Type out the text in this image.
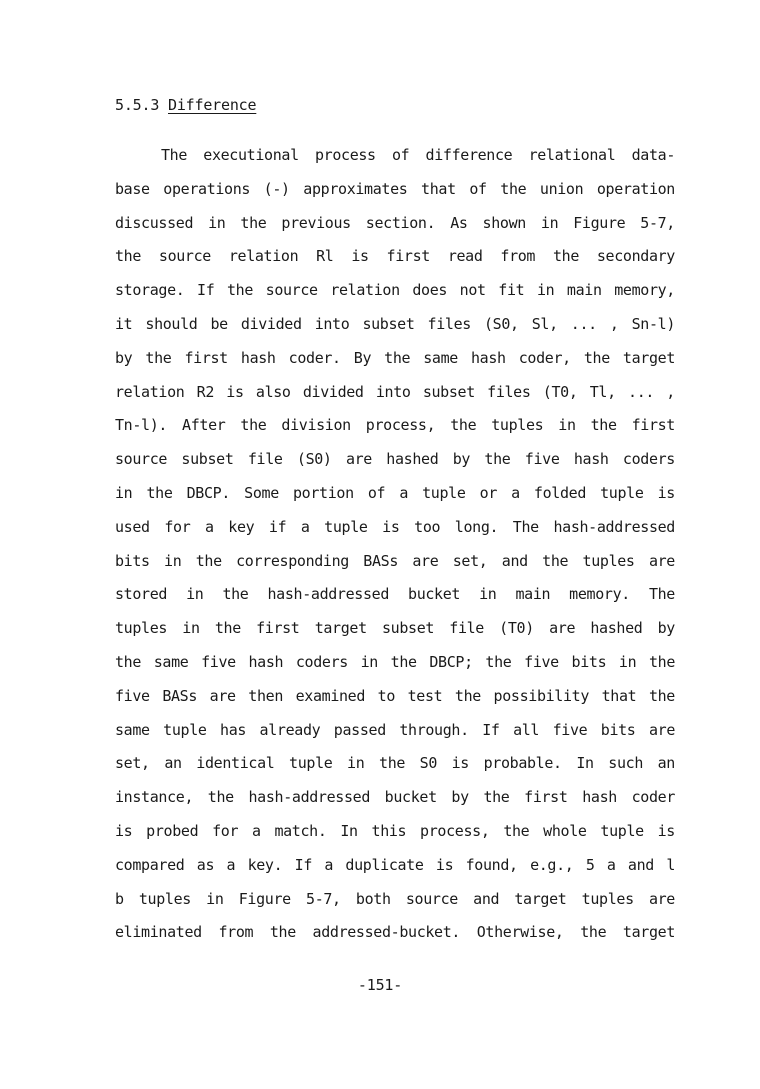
5.5.3 Difference
The executional process of difference relational data-
base operations (-) approximates that of the union operation
discussed in the previous section. As shown in Figure 5-7,
the source relation Rl is first read from the secondary
storage. If the source relation does not fit in main memory,
it should be divided into subset files (S0, Sl, ... , Sn-l)
by the first hash coder. By the same hash coder, the target
relation R2 is also divided into subset files (T0, Tl, ... ,
Tn-l). After the division process, the tuples in the first
source subset file (S0) are hashed by the five hash coders
in the DBCP. Some portion of a tuple or a folded tuple is
used for a key if a tuple is too long. The hash-addressed
bits in the corresponding BASs are set, and the tuples are
stored in the hash-addressed bucket in main memory. The
tuples in the first target subset file (T0) are hashed by
the same five hash coders in the DBCP; the five bits in the
five BASs are then examined to test the possibility that the
same tuple has already passed through. If all five bits are
set, an identical tuple in the S0 is probable. In such an
instance, the hash-addressed bucket by the first hash coder
is probed for a match. In this process, the whole tuple is
compared as a key. If a duplicate is found, e.g., 5 a and l
b tuples in Figure 5-7, both source and target tuples are
eliminated from the addressed-bucket. Otherwise, the target
-151-
